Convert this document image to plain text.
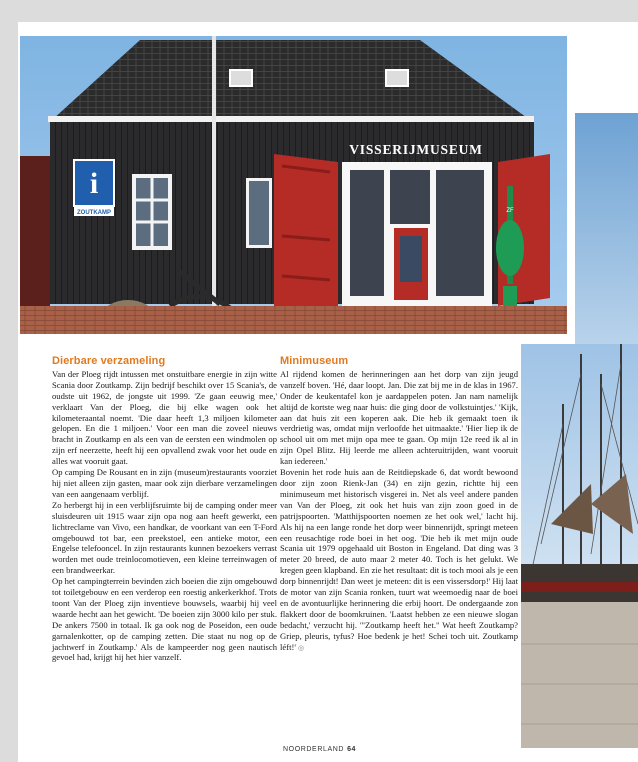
i
ZOUTKAMP
VISSERIJMUSEUM
ZF
Dierbare verzameling

Van der Ploeg rijdt intussen met onstuitbare energie in zijn witte Scania door Zoutkamp. Zijn bedrijf beschikt over 15 Scania's, de oudste uit 1962, de jongste uit 1999. 'Ze gaan eeuwig mee,' verklaart Van der Ploeg, die bij elke wagen ook het kilometeraantal noemt. 'Die daar heeft 1,3 miljoen kilometer gelopen. En die 1 miljoen.' Voor een man die zoveel nieuws bracht in Zoutkamp en als een van de eersten een windmolen op zijn erf neerzette, heeft hij een opvallend zwak voor het oude en alles wat vooruit gaat.

Op camping De Rousant en in zijn (museum)restaurants voorziet hij niet alleen zijn gasten, maar ook zijn dierbare verzamelingen van een aangenaam verblijf.

Zo herbergt hij in een verblijfsruimte bij de camping onder meer sluisdeuren uit 1915 waar zijn opa nog aan heeft gewerkt, een lichtreclame van Vivo, een handkar, de voorkant van een T-Ford omgebouwd tot bar, een preekstoel, een antieke motor, een Engelse telefooncel. In zijn restaurants kunnen bezoekers verrast worden met oude treinlocomotieven, een kleine terreinwagen of een brandweerkar.

Op het campingterrein bevinden zich boeien die zijn omgebouwd tot toiletgebouw en een verderop een roestig ankerkerkhof. Trots toont Van der Ploeg zijn inventieve bouwsels, waarbij hij veel waarde hecht aan het gewicht. 'De boeien zijn 3000 kilo per stuk. De ankers 7500 in totaal. Ik ga ook nog de Poseidon, een oude garnalenkotter, op de camping zetten. Die staat nu nog op de jachtwerf in Zoutkamp.' Als de kampeerder nog geen nautisch gevoel had, krijgt hij het hier vanzelf.

Minimuseum

Al rijdend komen de herinneringen aan het dorp van zijn jeugd vanzelf boven. 'Hé, daar loopt. Jan. Die zat bij me in de klas in 1967. Onder de keukentafel kon je aardappelen poten. Jan nam namelijk altijd de kortste weg naar huis: die ging door de volkstuintjes.' 'Kijk, aan dat huis zit een koperen aak. Die heb ik gemaakt toen ik verdrietig was, omdat mijn verloofde het uitmaakte.' 'Hier liep ik de school uit om met mijn opa mee te gaan. Op mijn 12e reed ik al in zijn Opel Blitz. Hij leerde me alleen achteruitrijden, want vooruit kan iedereen.'

Bovenin het rode huis aan de Reitdiepskade 6, dat wordt bewoond door zijn zoon Rienk-Jan (34) en zijn gezin, richtte hij een minimuseum met historisch visgerei in. Net als veel andere panden van Van der Ploeg, zit ook het huis van zijn zoon goed in de patrijspoorten. 'Matthijspoorten noemen ze het ook wel,' lacht hij. Als hij na een lange ronde het dorp weer binnenrijdt, springt meteen een reusachtige rode boei in het oog. 'Die heb ik met mijn oude Scania uit 1979 opgehaald uit Boston in Engeland. Dat ding was 3 meter 20 breed, de auto maar 2 meter 40. Toch is het gelukt. We kregen geen klapband. En zie het resultaat: dit is toch mooi als je een dorp binnenrijdt! Dan weet je meteen: dit is een vissersdorp!' Hij laat de motor van zijn Scania ronken, tuurt wat weemoedig naar de boei en de avontuurlijke herinnering die erbij hoort. De ondergaande zon flakkert door de boomkruinen. 'Laatst hebben ze een nieuwe slogan bedacht,' verzucht hij. '"Zoutkamp heeft het." Wat heeft Zoutkamp? Griep, pleuris, tyfus? Hoe bedenk je het! Schei toch uit. Zoutkamp léft!' ◎

NOORDERLAND 64
